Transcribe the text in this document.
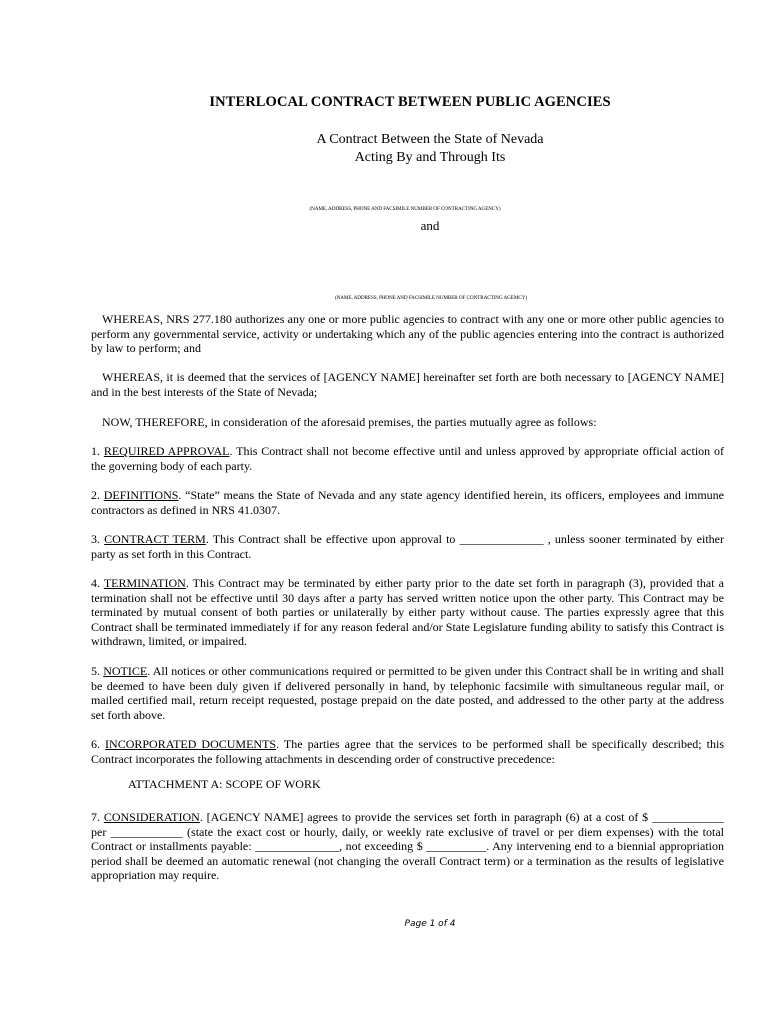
INTERLOCAL CONTRACT BETWEEN PUBLIC AGENCIES
A Contract Between the State of Nevada
Acting By and Through Its
(NAME, ADDRESS, PHONE AND FACSIMILE NUMBER OF CONTRACTING AGENCY)
and
(NAME, ADDRESS, PHONE AND FACSIMILE NUMBER OF CONTRACTING AGEMCY)

WHEREAS, NRS 277.180 authorizes any one or more public agencies to contract with any one or more other public agencies to perform any governmental service, activity or undertaking which any of the public agencies entering into the contract is authorized by law to perform; and

WHEREAS, it is deemed that the services of [AGENCY NAME] hereinafter set forth are both necessary to [AGENCY NAME] and in the best interests of the State of Nevada;

NOW, THEREFORE, in consideration of the aforesaid premises, the parties mutually agree as follows:

1. REQUIRED APPROVAL. This Contract shall not become effective until and unless approved by appropriate official action of the governing body of each party.

2. DEFINITIONS. “State” means the State of Nevada and any state agency identified herein, its officers, employees and immune contractors as defined in NRS 41.0307.

3. CONTRACT TERM. This Contract shall be effective upon approval to ______________ , unless sooner terminated by either party as set forth in this Contract.

4. TERMINATION. This Contract may be terminated by either party prior to the date set forth in paragraph (3), provided that a termination shall not be effective until 30 days after a party has served written notice upon the other party. This Contract may be terminated by mutual consent of both parties or unilaterally by either party without cause. The parties expressly agree that this Contract shall be terminated immediately if for any reason federal and/or State Legislature funding ability to satisfy this Contract is withdrawn, limited, or impaired.

5. NOTICE. All notices or other communications required or permitted to be given under this Contract shall be in writing and shall be deemed to have been duly given if delivered personally in hand, by telephonic facsimile with simultaneous regular mail, or mailed certified mail, return receipt requested, postage prepaid on the date posted, and addressed to the other party at the address set forth above.

6. INCORPORATED DOCUMENTS. The parties agree that the services to be performed shall be specifically described; this Contract incorporates the following attachments in descending order of constructive precedence:

ATTACHMENT A: SCOPE OF WORK

7. CONSIDERATION. [AGENCY NAME] agrees to provide the services set forth in paragraph (6) at a cost of $ ____________ per ____________ (state the exact cost or hourly, daily, or weekly rate exclusive of travel or per diem expenses) with the total Contract or installments payable: ______________, not exceeding $ __________. Any intervening end to a biennial appropriation period shall be deemed an automatic renewal (not changing the overall Contract term) or a termination as the results of legislative appropriation may require.

Page 1 of 4
